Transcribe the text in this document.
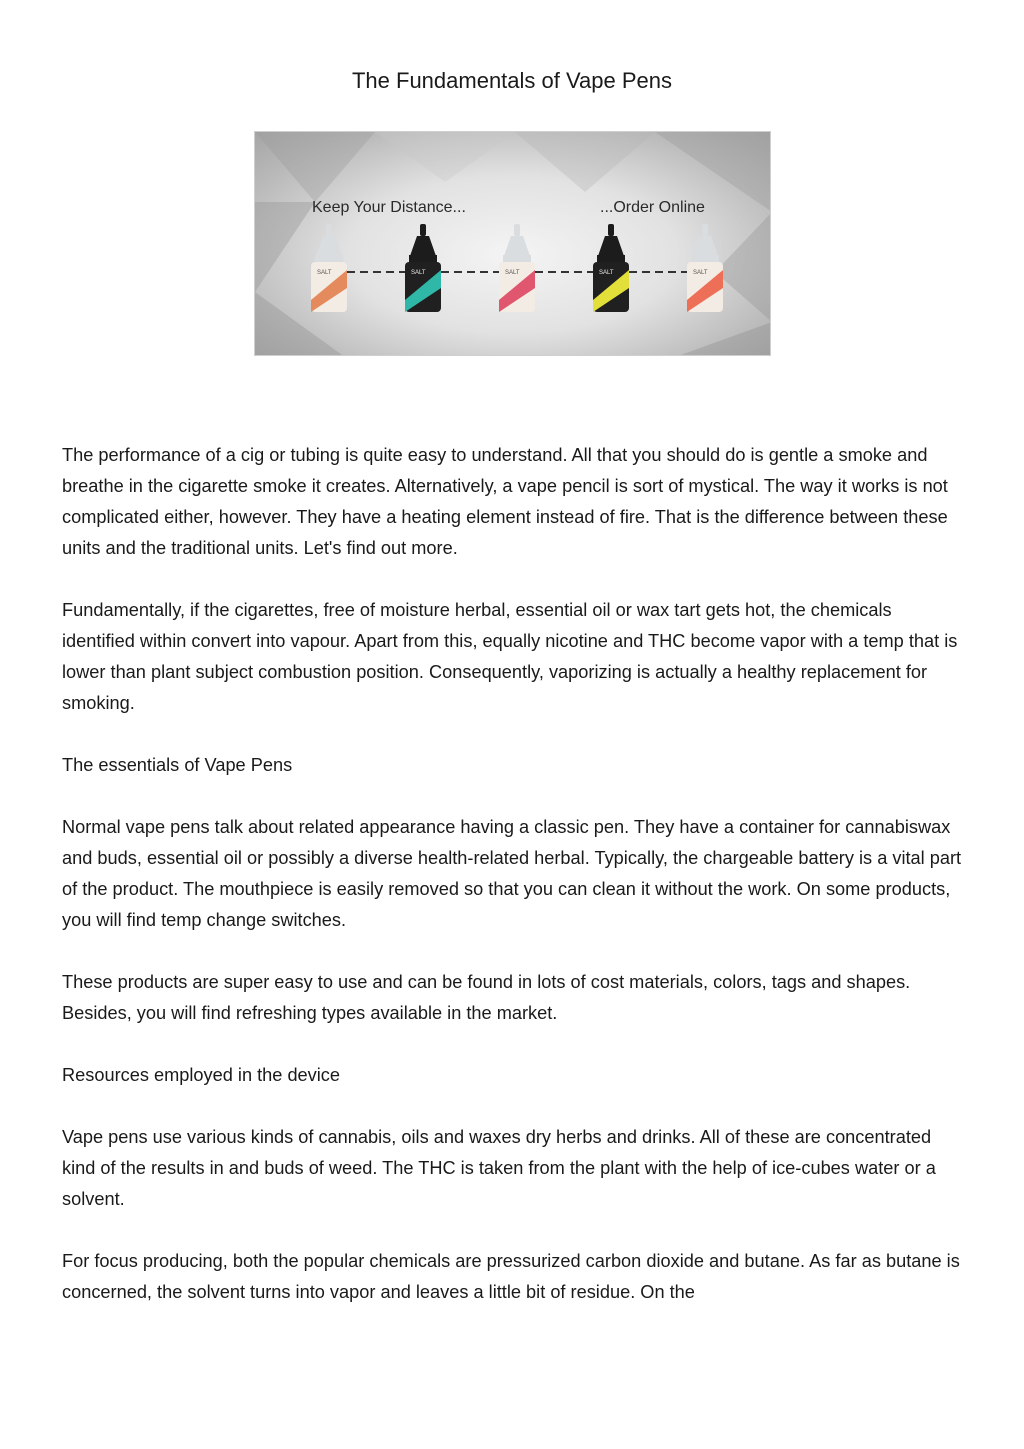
The Fundamentals of Vape Pens
SALT	SALT	SALT	SALT	SALT
Keep Your Distance...	...Order Online

The performance of a cig or tubing is quite easy to understand. All that you should do is gentle a smoke and breathe in the cigarette smoke it creates. Alternatively, a vape pencil is sort of mystical. The way it works is not complicated either, however. They have a heating element instead of fire. That is the difference between these units and the traditional units. Let's find out more.

Fundamentally, if the cigarettes, free of moisture herbal, essential oil or wax tart gets hot, the chemicals identified within convert into vapour. Apart from this, equally nicotine and THC become vapor with a temp that is lower than plant subject combustion position. Consequently, vaporizing is actually a healthy replacement for smoking.

The essentials of Vape Pens

Normal vape pens talk about related appearance having a classic pen. They have a container for cannabiswax and buds, essential oil or possibly a diverse health-related herbal. Typically, the chargeable battery is a vital part of the product. The mouthpiece is easily removed so that you can clean it without the work. On some products, you will find temp change switches.

These products are super easy to use and can be found in lots of cost materials, colors, tags and shapes. Besides, you will find refreshing types available in the market.

Resources employed in the device

Vape pens use various kinds of cannabis, oils and waxes dry herbs and drinks. All of these are concentrated kind of the results in and buds of weed. The THC is taken from the plant with the help of ice-cubes water or a solvent.

For focus producing, both the popular chemicals are pressurized carbon dioxide and butane. As far as butane is concerned, the solvent turns into vapor and leaves a little bit of residue. On the
